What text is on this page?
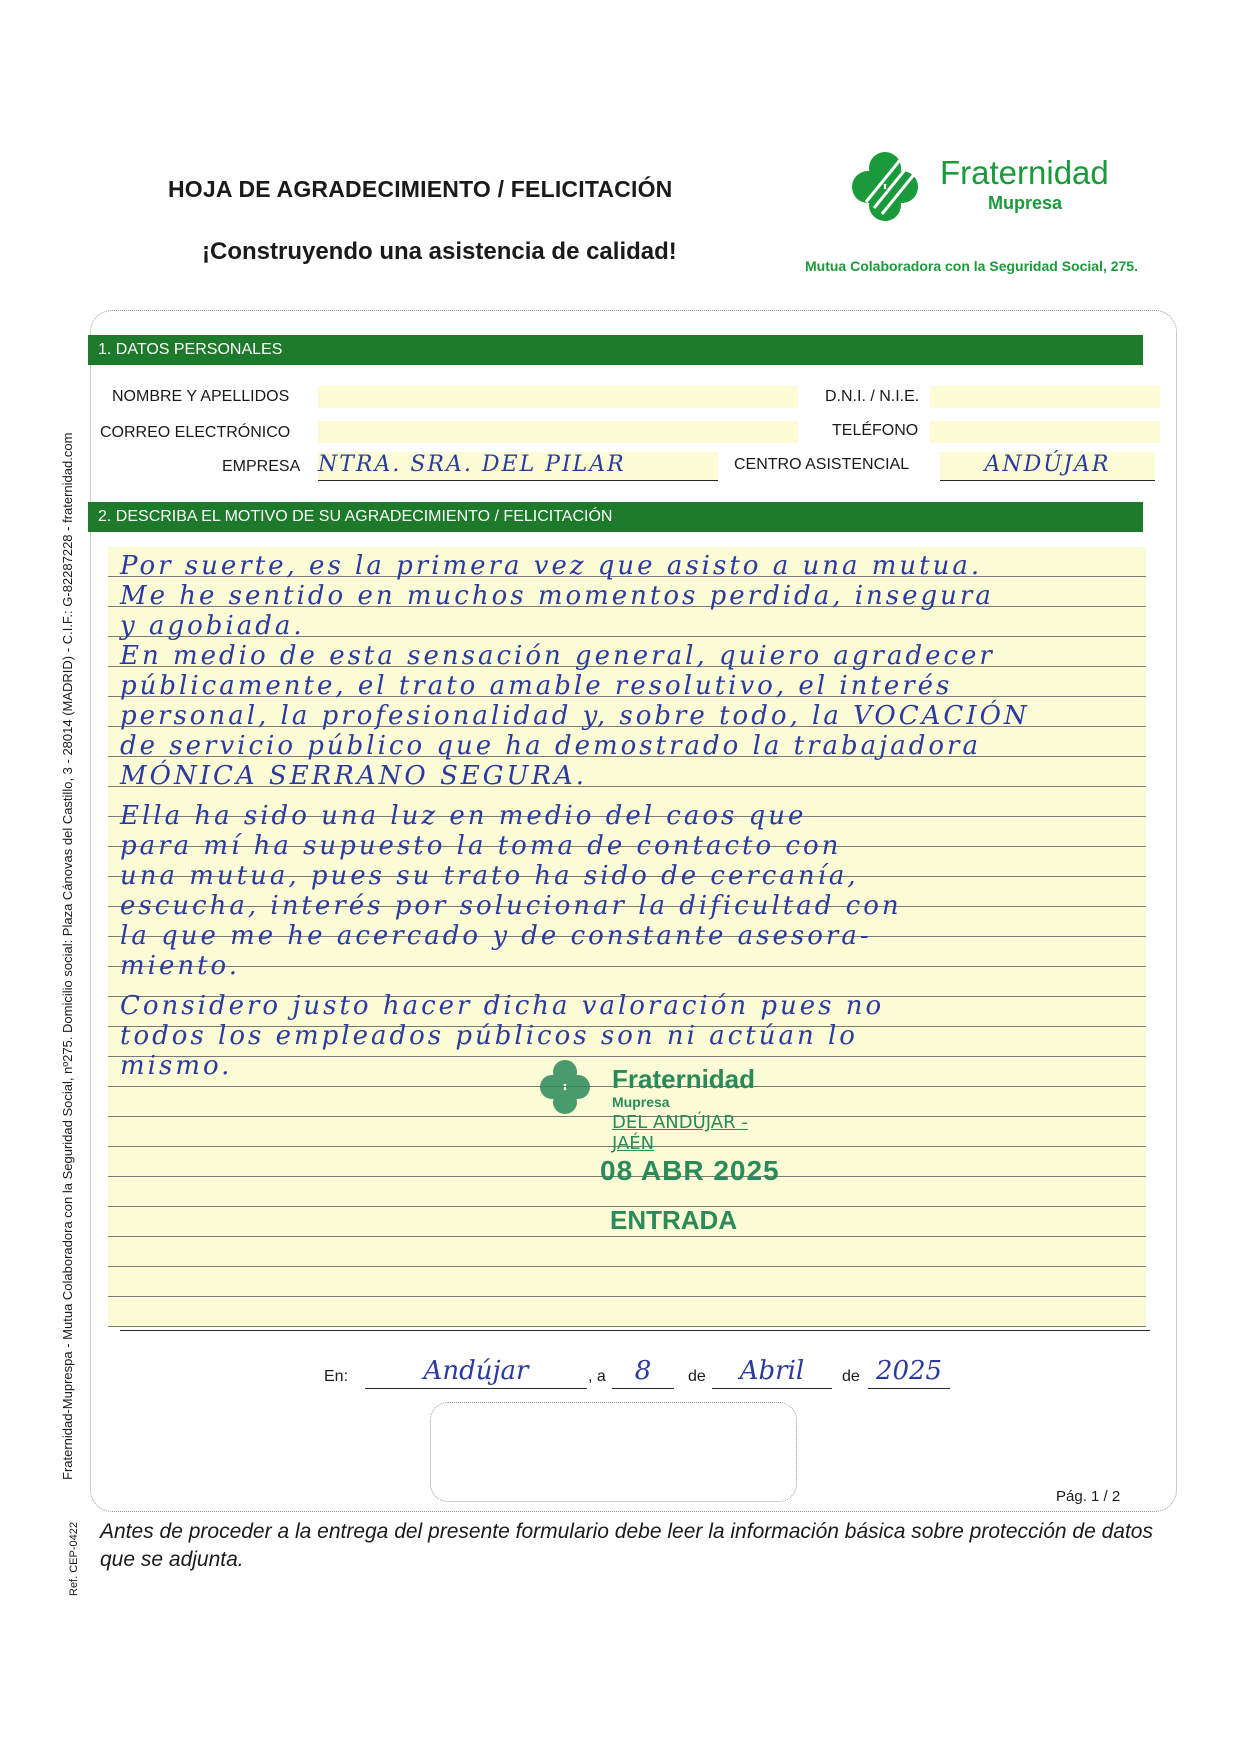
HOJA DE AGRADECIMIENTO / FELICITACIÓN
¡Construyendo una asistencia de calidad!
Fraternidad
Mupresa
Mutua Colaboradora con la Seguridad Social, 275.
1. DATOS PERSONALES
NOMBRE Y APELLIDOS	D.N.I. / N.I.E.
CORREO ELECTRÓNICO	TELÉFONO
EMPRESA NTRA. SRA. DEL PILAR	CENTRO ASISTENCIAL	ANDÚJAR
2. DESCRIBA EL MOTIVO DE SU AGRADECIMIENTO / FELICITACIÓN
Por suerte, es la primera vez que asisto a una mutua.
Me he sentido en muchos momentos perdida, insegura
y agobiada.
En medio de esta sensación general, quiero agradecer
públicamente, el trato amable resolutivo, el interés
personal, la profesionalidad y, sobre todo, la VOCACIÓN
de servicio público que ha demostrado la trabajadora
MÓNICA SERRANO SEGURA.
Ella ha sido una luz en medio del caos que
para mí ha supuesto la toma de contacto con
una mutua, pues su trato ha sido de cercanía,
escucha, interés por solucionar la dificultad con
la que me he acercado y de constante asesora-
miento.
Considero justo hacer dicha valoración pues no
todos los empleados públicos son ni actúan lo
mismo.	Fraternidad
Mupresa
DEL ANDÚJAR - JAÉN
08 ABR 2025
ENTRADA
En:	Andújar	, a	8	de	Abril	de 2025
Pág. 1 / 2
Fraternidad-Muprespa - Mutua Colaboradora con la Seguridad Social, nº275. Domicilio social: Plaza Cánovas del Castillo, 3 - 28014 (MADRID) - C.I.F.: G-82287228 - fraternidad.com
Ref. CEP-0422 Antes de proceder a la entrega del presente formulario debe leer la información básica sobre protección de datos que se adjunta.
